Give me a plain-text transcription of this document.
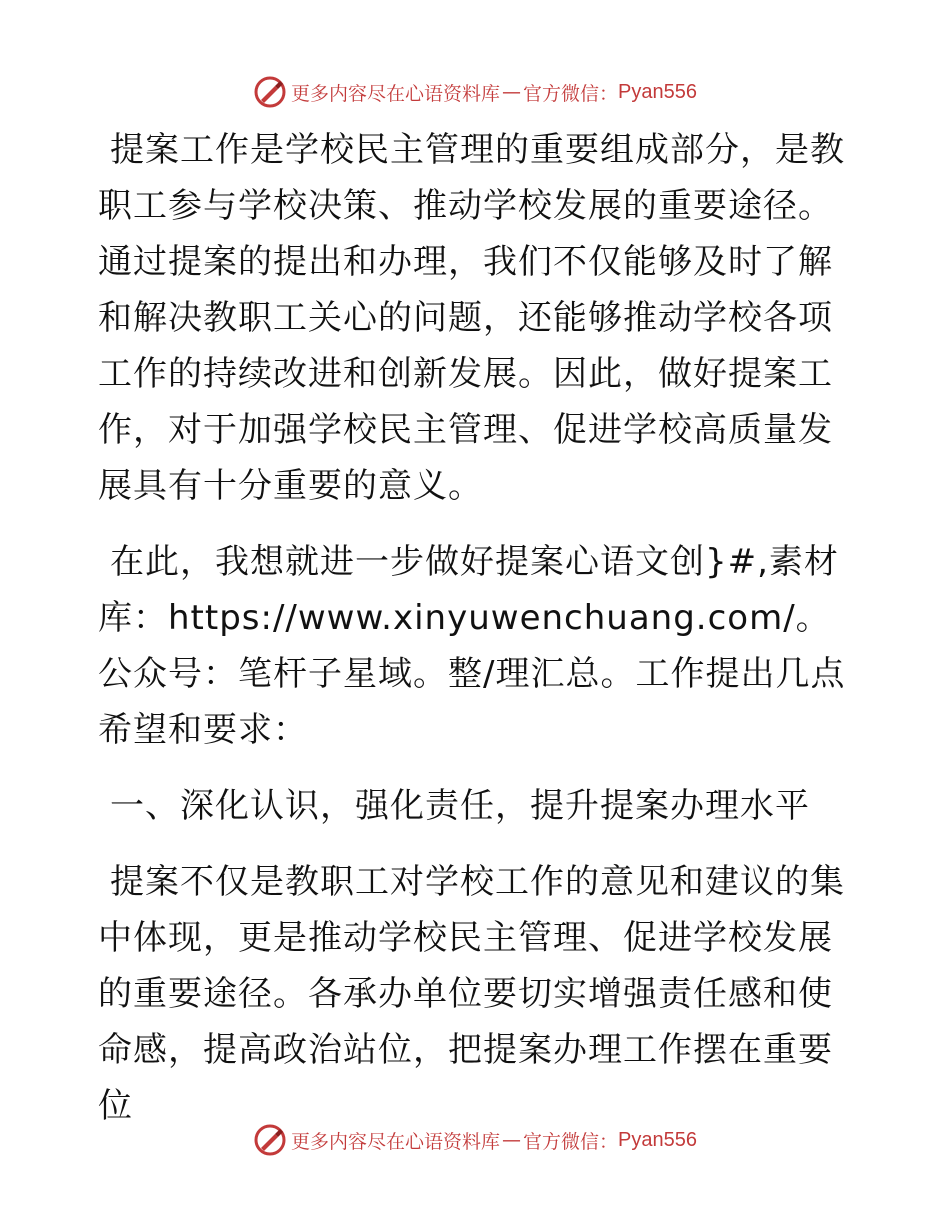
更多内容尽在心语资料库 — 官方微信： Pyan556

提案工作是学校民主管理的重要组成部分，是教职工参与学校决策、推动学校发展的重要途径。通过提案的提出和办理，我们不仅能够及时了解和解决教职工关心的问题，还能够推动学校各项工作的持续改进和创新发展。因此，做好提案工作，对于加强学校民主管理、促进学校高质量发展具有十分重要的意义。

在此，我想就进一步做好提案心语文创}#,素材库：https://www.xinyuwenchuang.com/。公众号：笔杆子星域。整/理汇总。工作提出几点希望和要求：

一、深化认识，强化责任，提升提案办理水平

提案不仅是教职工对学校工作的意见和建议的集中体现，更是推动学校民主管理、促进学校发展的重要途径。各承办单位要切实增强责任感和使命感，提高政治站位，把提案办理工作摆在重要位

更多内容尽在心语资料库 — 官方微信： Pyan556
